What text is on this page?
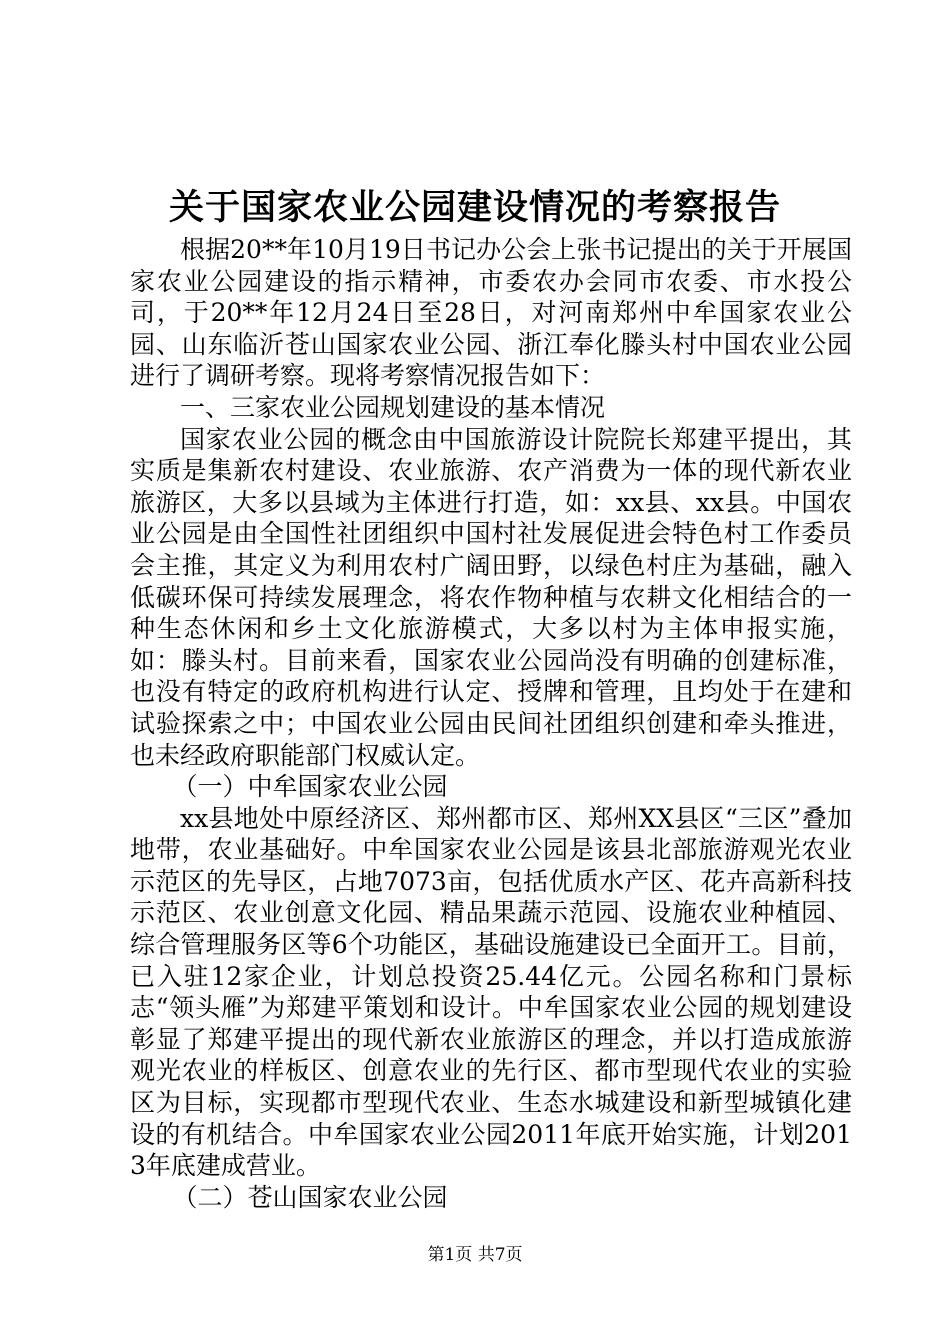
关于国家农业公园建设情况的考察报告

根据20**年10月19日书记办公会上张书记提出的关于开展国家农业公园建设的指示精神，市委农办会同市农委、市水投公司，于20**年12月24日至28日，对河南郑州中牟国家农业公园、山东临沂苍山国家农业公园、浙江奉化滕头村中国农业公园进行了调研考察。现将考察情况报告如下：

一、三家农业公园规划建设的基本情况

国家农业公园的概念由中国旅游设计院院长郑建平提出，其实质是集新农村建设、农业旅游、农产消费为一体的现代新农业旅游区，大多以县域为主体进行打造，如：xx县、xx县。中国农业公园是由全国性社团组织中国村社发展促进会特色村工作委员会主推，其定义为利用农村广阔田野，以绿色村庄为基础，融入低碳环保可持续发展理念，将农作物种植与农耕文化相结合的一种生态休闲和乡土文化旅游模式，大多以村为主体申报实施，如：滕头村。目前来看，国家农业公园尚没有明确的创建标准，也没有特定的政府机构进行认定、授牌和管理，且均处于在建和试验探索之中；中国农业公园由民间社团组织创建和牵头推进，也未经政府职能部门权威认定。

（一）中牟国家农业公园

xx县地处中原经济区、郑州都市区、郑州XX县区“三区”叠加地带，农业基础好。中牟国家农业公园是该县北部旅游观光农业示范区的先导区，占地7073亩，包括优质水产区、花卉高新科技示范区、农业创意文化园、精品果蔬示范园、设施农业种植园、综合管理服务区等6个功能区，基础设施建设已全面开工。目前，已入驻12家企业，计划总投资25.44亿元。公园名称和门景标志“领头雁”为郑建平策划和设计。中牟国家农业公园的规划建设彰显了郑建平提出的现代新农业旅游区的理念，并以打造成旅游观光农业的样板区、创意农业的先行区、都市型现代农业的实验区为目标，实现都市型现代农业、生态水城建设和新型城镇化建设的有机结合。中牟国家农业公园2011年底开始实施，计划2013年底建成营业。

（二）苍山国家农业公园

第1页 共7页
